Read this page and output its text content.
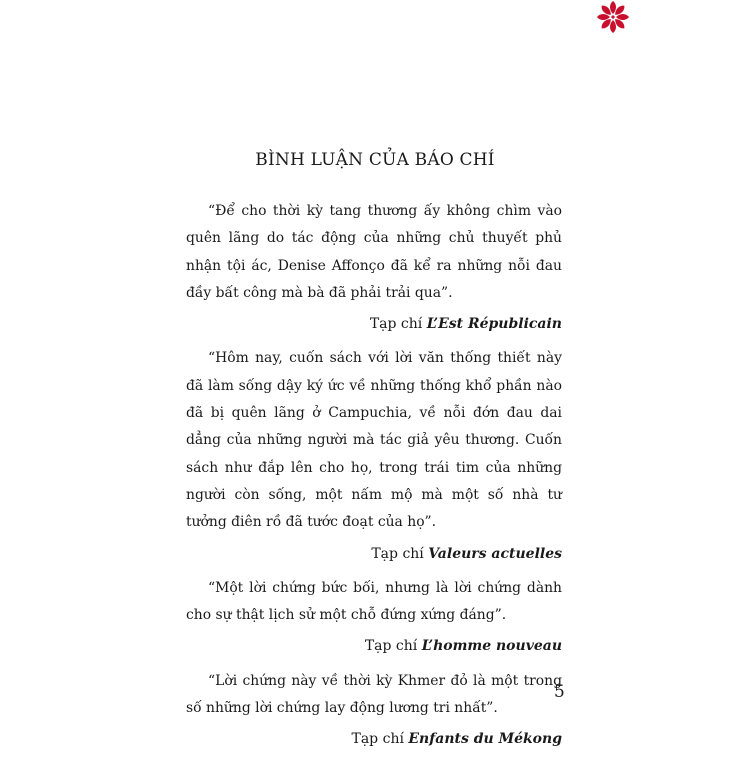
BÌNH LUẬN CỦA BÁO CHÍ

“Để cho thời kỳ tang thương ấy không chìm vào quên lãng do tác động của những chủ thuyết phủ nhận tội ác, Denise Affonço đã kể ra những nỗi đau đầy bất công mà bà đã phải trải qua”.

Tạp chí L’Est Républicain

“Hôm nay, cuốn sách với lời văn thống thiết này đã làm sống dậy ký ức về những thống khổ phần nào đã bị quên lãng ở Campuchia, về nỗi đớn đau dai dẳng của những người mà tác giả yêu thương. Cuốn sách như đắp lên cho họ, trong trái tim của những người còn sống, một nấm mộ mà một số nhà tư tưởng điên rồ đã tước đoạt của họ”.

Tạp chí Valeurs actuelles

“Một lời chứng bức bối, nhưng là lời chứng dành cho sự thật lịch sử một chỗ đứng xứng đáng”.

Tạp chí L’homme nouveau

“Lời chứng này về thời kỳ Khmer đỏ là một trong số những lời chứng lay động lương tri nhất”.

Tạp chí Enfants du Mékong

5
